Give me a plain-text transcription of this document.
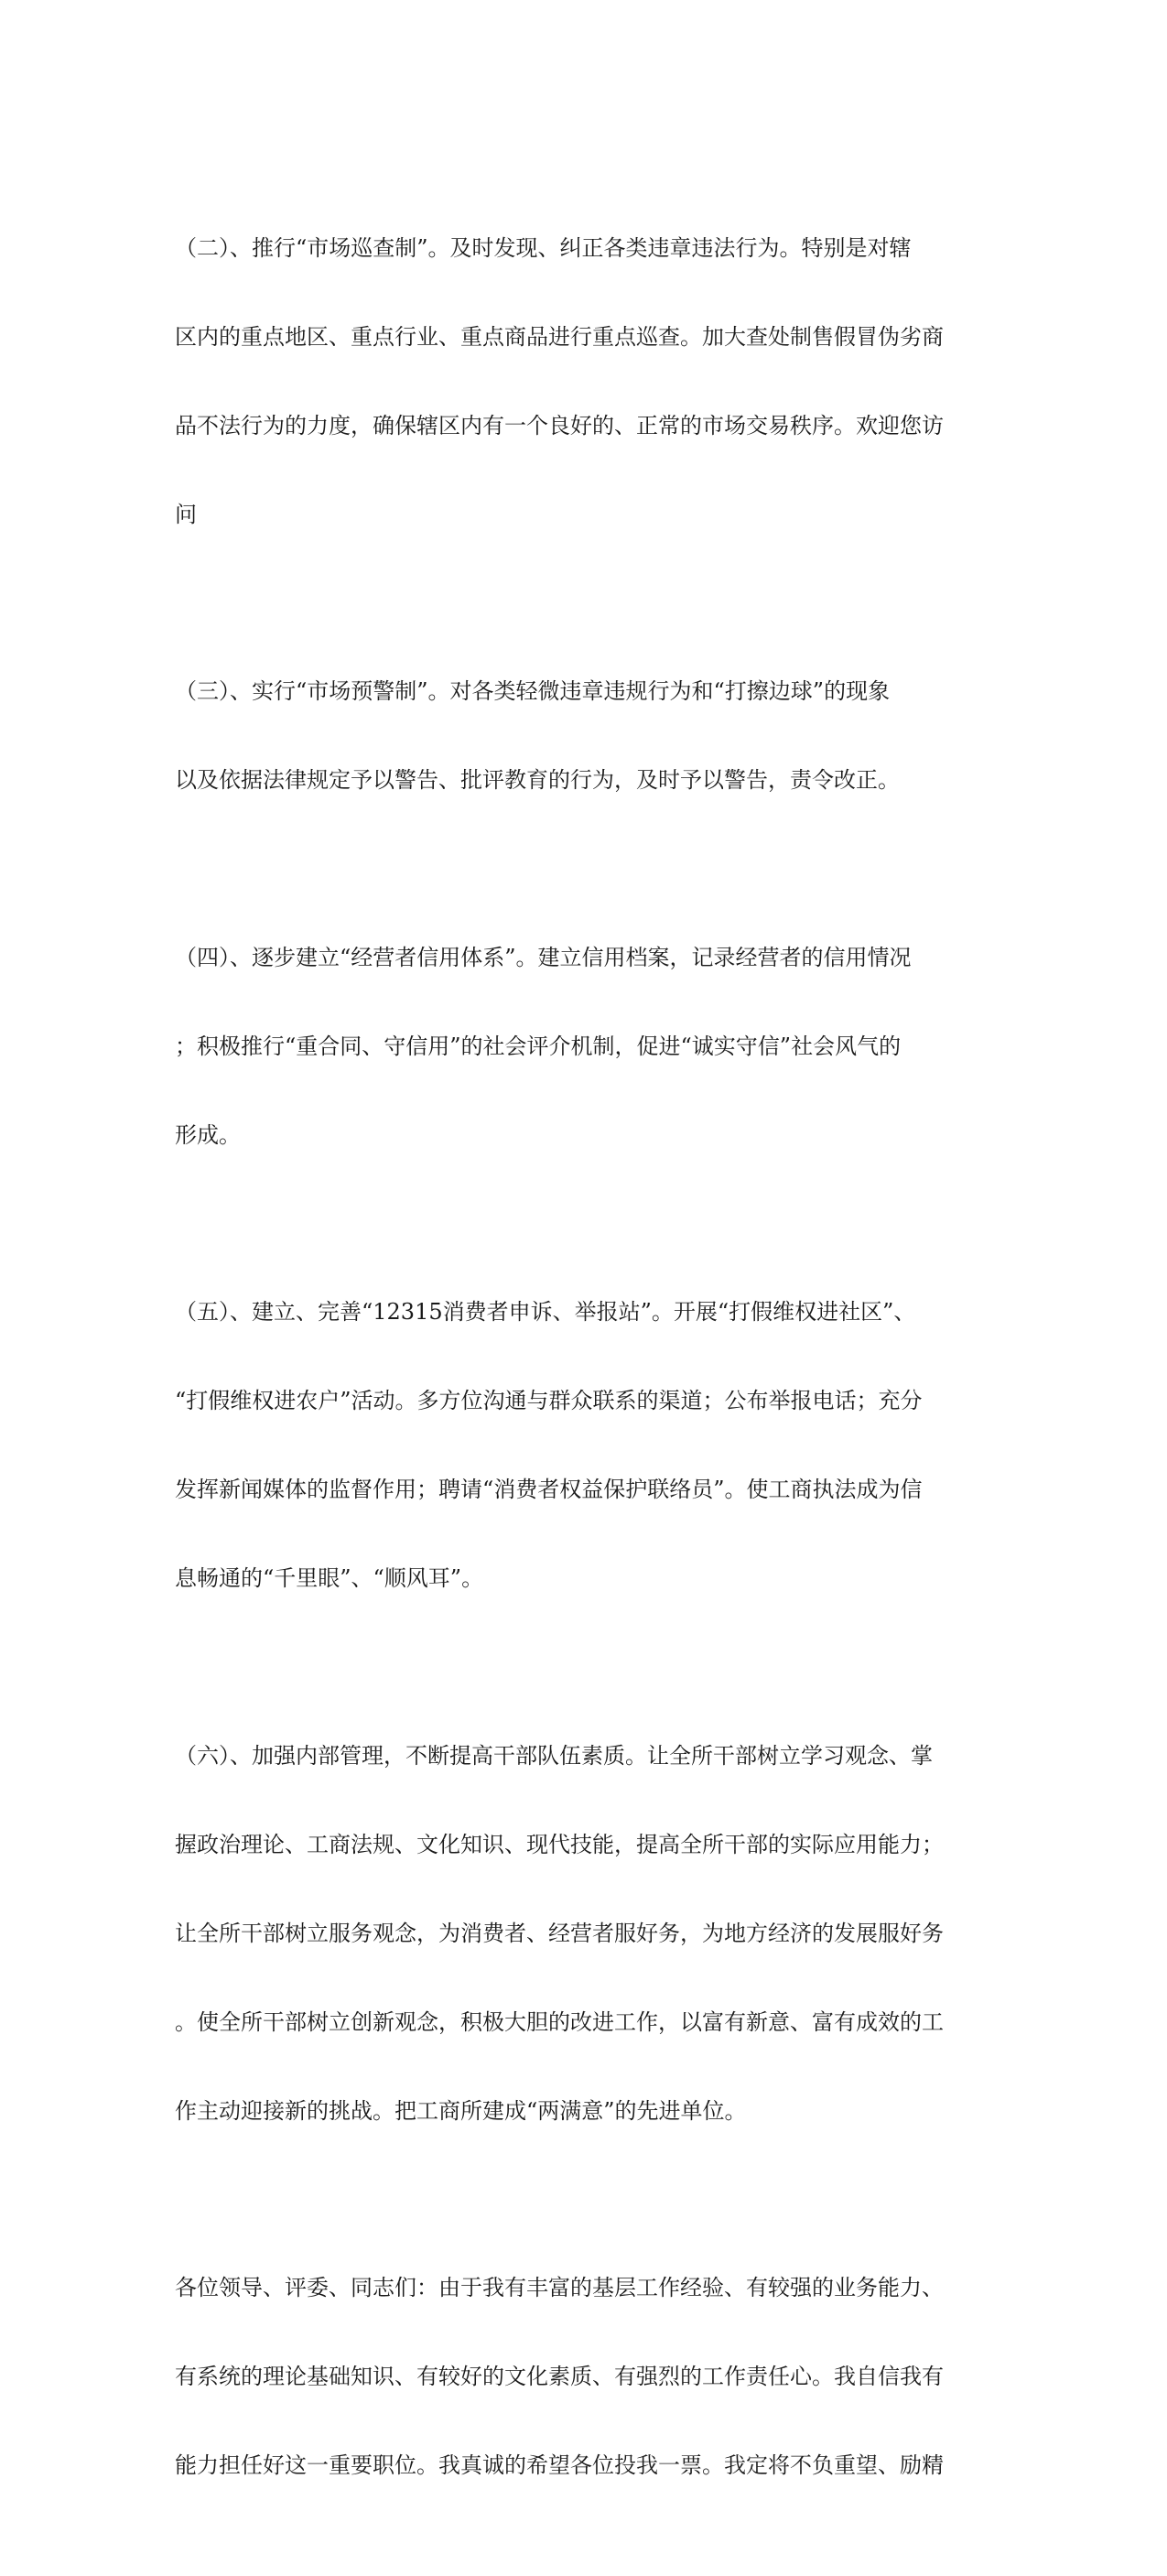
（二）、推行“市场巡查制”。及时发现、纠正各类违章违法行为。特别是对辖

区内的重点地区、重点行业、重点商品进行重点巡查。加大查处制售假冒伪劣商

品不法行为的力度，确保辖区内有一个良好的、正常的市场交易秩序。欢迎您访

问

（三）、实行“市场预警制”。对各类轻微违章违规行为和“打擦边球”的现象

以及依据法律规定予以警告、批评教育的行为，及时予以警告，责令改正。

（四）、逐步建立“经营者信用体系”。建立信用档案，记录经营者的信用情况

；积极推行“重合同、守信用”的社会评介机制，促进“诚实守信”社会风气的

形成。

（五）、建立、完善“12315消费者申诉、举报站”。开展“打假维权进社区”、

“打假维权进农户”活动。多方位沟通与群众联系的渠道；公布举报电话；充分

发挥新闻媒体的监督作用；聘请“消费者权益保护联络员”。使工商执法成为信

息畅通的“千里眼”、“顺风耳”。

（六）、加强内部管理，不断提高干部队伍素质。让全所干部树立学习观念、掌

握政治理论、工商法规、文化知识、现代技能，提高全所干部的实际应用能力；

让全所干部树立服务观念，为消费者、经营者服好务，为地方经济的发展服好务

。使全所干部树立创新观念，积极大胆的改进工作，以富有新意、富有成效的工

作主动迎接新的挑战。把工商所建成“两满意”的先进单位。

各位领导、评委、同志们：由于我有丰富的基层工作经验、有较强的业务能力、

有系统的理论基础知识、有较好的文化素质、有强烈的工作责任心。我自信我有

能力担任好这一重要职位。我真诚的希望各位投我一票。我定将不负重望、励精
